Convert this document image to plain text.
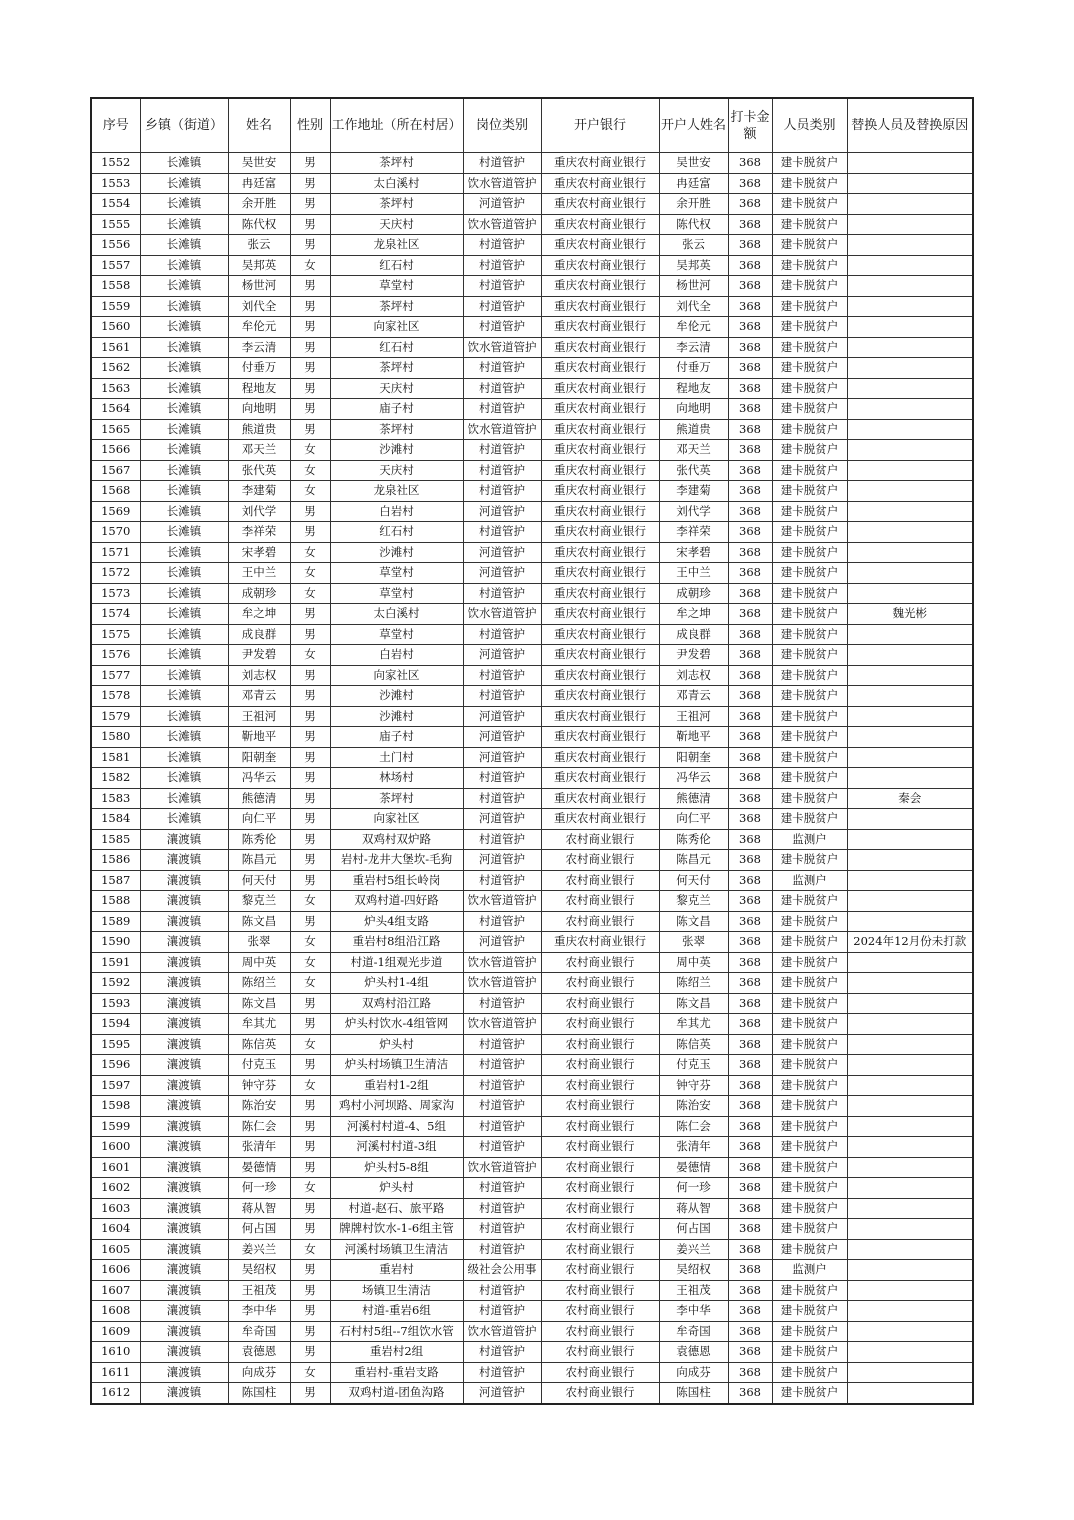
序号	乡镇（街道）	姓名	性别	工作地址（所在村居）	岗位类别	开户银行	开户人姓名	打卡金额	人员类别	替换人员及替换原因
1552	长滩镇	吴世安	男	茶坪村	村道管护	重庆农村商业银行	吴世安	368	建卡脱贫户	
1553	长滩镇	冉廷富	男	太白溪村	饮水管道管护	重庆农村商业银行	冉廷富	368	建卡脱贫户	
1554	长滩镇	余开胜	男	茶坪村	河道管护	重庆农村商业银行	余开胜	368	建卡脱贫户	
1555	长滩镇	陈代权	男	天庆村	饮水管道管护	重庆农村商业银行	陈代权	368	建卡脱贫户	
1556	长滩镇	张云	男	龙泉社区	村道管护	重庆农村商业银行	张云	368	建卡脱贫户	
1557	长滩镇	吴邦英	女	红石村	村道管护	重庆农村商业银行	吴邦英	368	建卡脱贫户	
1558	长滩镇	杨世河	男	草堂村	村道管护	重庆农村商业银行	杨世河	368	建卡脱贫户	
1559	长滩镇	刘代全	男	茶坪村	村道管护	重庆农村商业银行	刘代全	368	建卡脱贫户	
1560	长滩镇	牟伦元	男	向家社区	村道管护	重庆农村商业银行	牟伦元	368	建卡脱贫户	
1561	长滩镇	李云清	男	红石村	饮水管道管护	重庆农村商业银行	李云清	368	建卡脱贫户	
1562	长滩镇	付垂万	男	茶坪村	村道管护	重庆农村商业银行	付垂万	368	建卡脱贫户	
1563	长滩镇	程地友	男	天庆村	村道管护	重庆农村商业银行	程地友	368	建卡脱贫户	
1564	长滩镇	向地明	男	庙子村	村道管护	重庆农村商业银行	向地明	368	建卡脱贫户	
1565	长滩镇	熊道贵	男	茶坪村	饮水管道管护	重庆农村商业银行	熊道贵	368	建卡脱贫户	
1566	长滩镇	邓天兰	女	沙滩村	村道管护	重庆农村商业银行	邓天兰	368	建卡脱贫户	
1567	长滩镇	张代英	女	天庆村	村道管护	重庆农村商业银行	张代英	368	建卡脱贫户	
1568	长滩镇	李建菊	女	龙泉社区	村道管护	重庆农村商业银行	李建菊	368	建卡脱贫户	
1569	长滩镇	刘代学	男	白岩村	河道管护	重庆农村商业银行	刘代学	368	建卡脱贫户	
1570	长滩镇	李祥荣	男	红石村	村道管护	重庆农村商业银行	李祥荣	368	建卡脱贫户	
1571	长滩镇	宋孝碧	女	沙滩村	河道管护	重庆农村商业银行	宋孝碧	368	建卡脱贫户	
1572	长滩镇	王中兰	女	草堂村	河道管护	重庆农村商业银行	王中兰	368	建卡脱贫户	
1573	长滩镇	成朝珍	女	草堂村	村道管护	重庆农村商业银行	成朝珍	368	建卡脱贫户	
1574	长滩镇	牟之坤	男	太白溪村	饮水管道管护	重庆农村商业银行	牟之坤	368	建卡脱贫户	魏光彬
1575	长滩镇	成良群	男	草堂村	村道管护	重庆农村商业银行	成良群	368	建卡脱贫户	
1576	长滩镇	尹发碧	女	白岩村	河道管护	重庆农村商业银行	尹发碧	368	建卡脱贫户	
1577	长滩镇	刘志权	男	向家社区	村道管护	重庆农村商业银行	刘志权	368	建卡脱贫户	
1578	长滩镇	邓青云	男	沙滩村	村道管护	重庆农村商业银行	邓青云	368	建卡脱贫户	
1579	长滩镇	王祖河	男	沙滩村	河道管护	重庆农村商业银行	王祖河	368	建卡脱贫户	
1580	长滩镇	靳地平	男	庙子村	河道管护	重庆农村商业银行	靳地平	368	建卡脱贫户	
1581	长滩镇	阳朝奎	男	土门村	河道管护	重庆农村商业银行	阳朝奎	368	建卡脱贫户	
1582	长滩镇	冯华云	男	林场村	村道管护	重庆农村商业银行	冯华云	368	建卡脱贫户	
1583	长滩镇	熊德清	男	茶坪村	村道管护	重庆农村商业银行	熊德清	368	建卡脱贫户	秦会
1584	长滩镇	向仁平	男	向家社区	河道管护	重庆农村商业银行	向仁平	368	建卡脱贫户	
1585	瀼渡镇	陈秀伦	男	双鸡村双炉路	村道管护	农村商业银行	陈秀伦	368	监测户	
1586	瀼渡镇	陈昌元	男	岩村-龙井大堡坎-毛狗	河道管护	农村商业银行	陈昌元	368	建卡脱贫户	
1587	瀼渡镇	何天付	男	重岩村5组长岭岗	村道管护	农村商业银行	何天付	368	监测户	
1588	瀼渡镇	黎克兰	女	双鸡村道-四好路	饮水管道管护	农村商业银行	黎克兰	368	建卡脱贫户	
1589	瀼渡镇	陈文昌	男	炉头4组支路	村道管护	农村商业银行	陈文昌	368	建卡脱贫户	
1590	瀼渡镇	张翠	女	重岩村8组沿江路	河道管护	重庆农村商业银行	张翠	368	建卡脱贫户	2024年12月份未打款
1591	瀼渡镇	周中英	女	村道-1组观光步道	饮水管道管护	农村商业银行	周中英	368	建卡脱贫户	
1592	瀼渡镇	陈绍兰	女	炉头村1-4组	饮水管道管护	农村商业银行	陈绍兰	368	建卡脱贫户	
1593	瀼渡镇	陈文昌	男	双鸡村沿江路	村道管护	农村商业银行	陈文昌	368	建卡脱贫户	
1594	瀼渡镇	牟其尤	男	炉头村饮水-4组管网	饮水管道管护	农村商业银行	牟其尤	368	建卡脱贫户	
1595	瀼渡镇	陈信英	女	炉头村	村道管护	农村商业银行	陈信英	368	建卡脱贫户	
1596	瀼渡镇	付克玉	男	炉头村场镇卫生清洁	村道管护	农村商业银行	付克玉	368	建卡脱贫户	
1597	瀼渡镇	钟守芬	女	重岩村1-2组	村道管护	农村商业银行	钟守芬	368	建卡脱贫户	
1598	瀼渡镇	陈治安	男	鸡村小河坝路、周家沟	村道管护	农村商业银行	陈治安	368	建卡脱贫户	
1599	瀼渡镇	陈仁会	男	河溪村村道-4、5组	村道管护	农村商业银行	陈仁会	368	建卡脱贫户	
1600	瀼渡镇	张清年	男	河溪村村道-3组	村道管护	农村商业银行	张清年	368	建卡脱贫户	
1601	瀼渡镇	晏德情	男	炉头村5-8组	饮水管道管护	农村商业银行	晏德情	368	建卡脱贫户	
1602	瀼渡镇	何一珍	女	炉头村	村道管护	农村商业银行	何一珍	368	建卡脱贫户	
1603	瀼渡镇	蒋从智	男	村道-赵石、旅平路	村道管护	农村商业银行	蒋从智	368	建卡脱贫户	
1604	瀼渡镇	何占国	男	牌牌村饮水-1-6组主管	村道管护	农村商业银行	何占国	368	建卡脱贫户	
1605	瀼渡镇	姜兴兰	女	河溪村场镇卫生清洁	村道管护	农村商业银行	姜兴兰	368	建卡脱贫户	
1606	瀼渡镇	吴绍权	男	重岩村	级社会公用事	农村商业银行	吴绍权	368	监测户	
1607	瀼渡镇	王祖茂	男	场镇卫生清洁	村道管护	农村商业银行	王祖茂	368	建卡脱贫户	
1608	瀼渡镇	李中华	男	村道-重岩6组	村道管护	农村商业银行	李中华	368	建卡脱贫户	
1609	瀼渡镇	牟奇国	男	石村村5组--7组饮水管	饮水管道管护	农村商业银行	牟奇国	368	建卡脱贫户	
1610	瀼渡镇	袁德恩	男	重岩村2组	村道管护	农村商业银行	袁德恩	368	建卡脱贫户	
1611	瀼渡镇	向成芬	女	重岩村-重岩支路	村道管护	农村商业银行	向成芬	368	建卡脱贫户	
1612	瀼渡镇	陈国柱	男	双鸡村道-团鱼沟路	河道管护	农村商业银行	陈国柱	368	建卡脱贫户	
